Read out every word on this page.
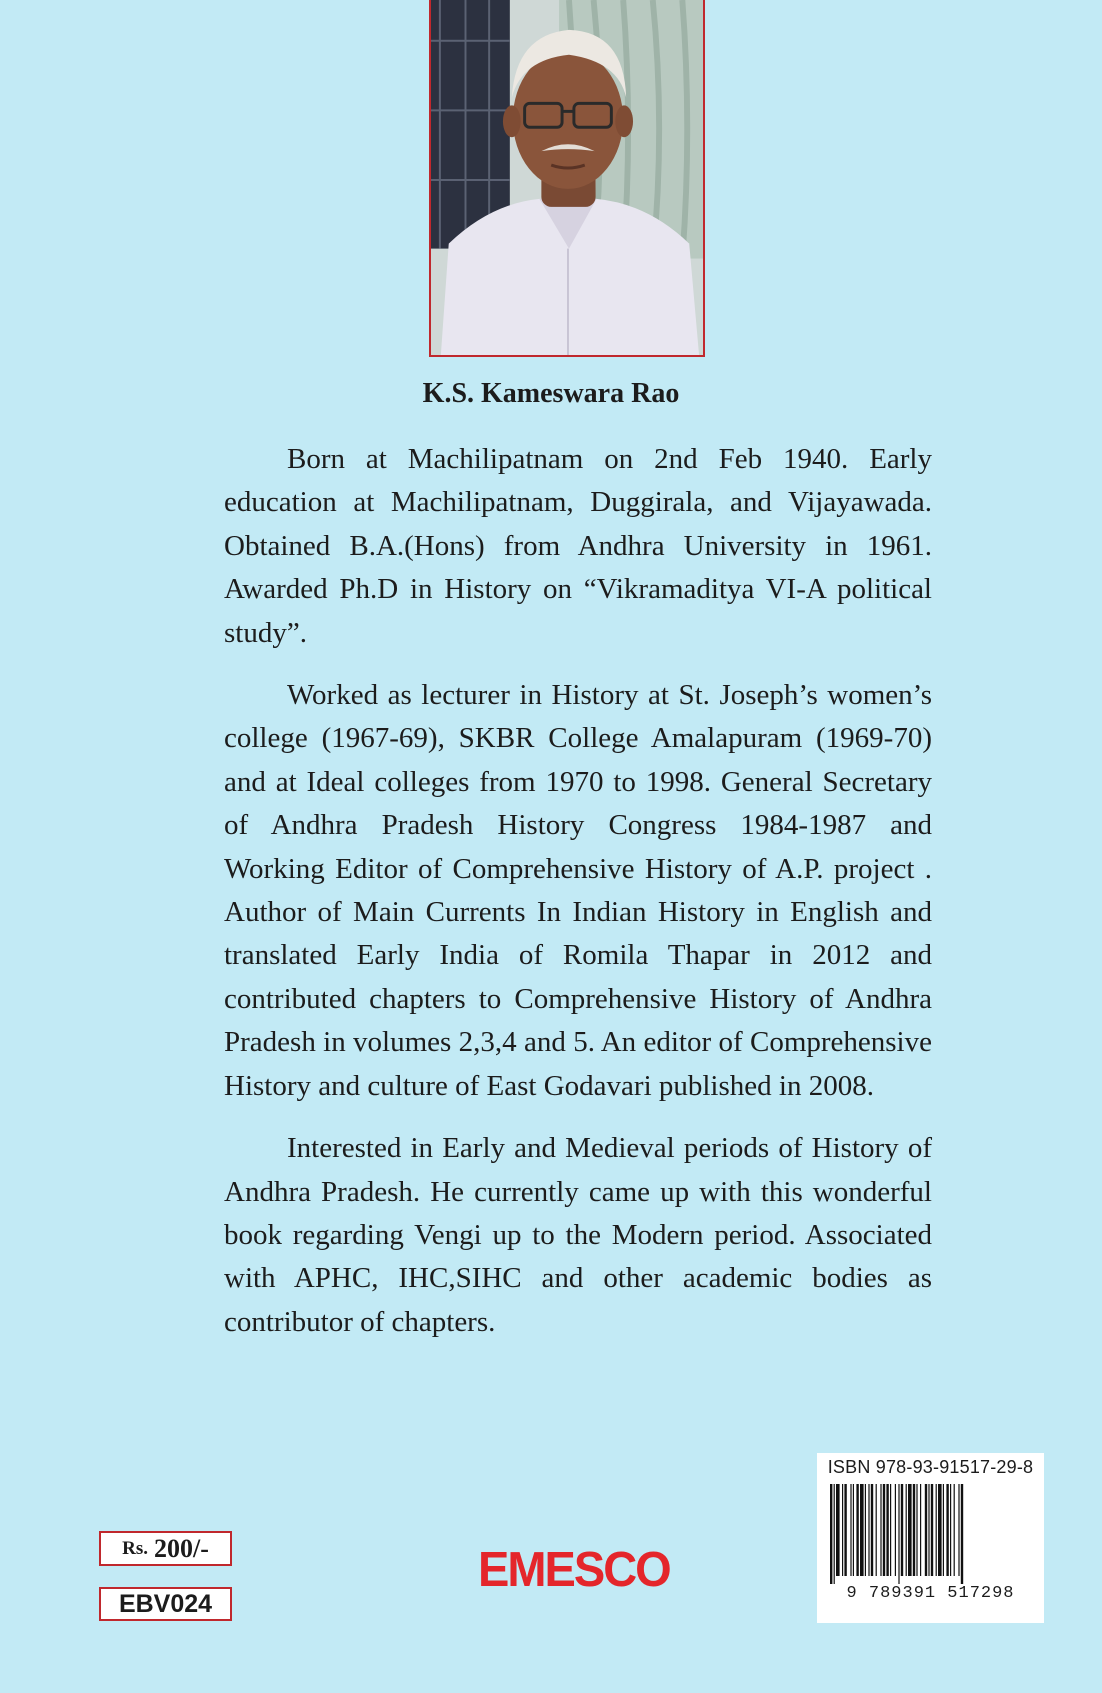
K.S. Kameswara Rao

Born at Machilipatnam on 2nd Feb 1940. Early education at Machilipatnam, Duggirala, and Vijayawada. Obtained B.A.(Hons) from Andhra University in 1961. Awarded Ph.D in History on “Vikramaditya VI-A political study”.

Worked as lecturer in History at St. Joseph’s women’s college (1967-69), SKBR College Amalapuram (1969-70) and at Ideal colleges from 1970 to 1998. General Secretary of Andhra Pradesh History Congress 1984-1987 and Working Editor of Comprehensive History of A.P. project . Author of Main Currents In Indian History in English and translated Early India of Romila Thapar in 2012 and contributed chapters to Comprehensive History of Andhra Pradesh in volumes 2,3,4 and 5. An editor of Comprehensive History and culture of East Godavari published in 2008.

Interested in Early and Medieval periods of History of Andhra Pradesh. He currently came up with this wonderful book regarding Vengi up to the Modern period. Associated with APHC, IHC,SIHC and other academic bodies as contributor of chapters.

Rs. 200/-
EBV024
EMESCO
ISBN 978-93-91517-29-8
9 789391 517298
